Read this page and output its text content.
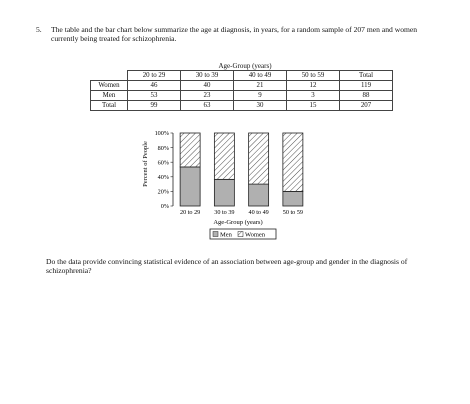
5. The table and the bar chart below summarize the age at diagnosis, in years, for a random sample of 207 men and women currently being treated for schizophrenia.
Age-Group (years)
	20 to 29	30 to 39	40 to 49	50 to 59	Total
Women	46	40	21	12	119
Men	53	23	9	3	88
Total	99	63	30	15	207
Percent of People
0%
20%
40%
60%
80%
100%
20 to 29 30 to 39 40 to 49 50 to 59
Age-Group (years)
Men Women
Do the data provide convincing statistical evidence of an association between age-group and gender in the diagnosis of schizophrenia?
